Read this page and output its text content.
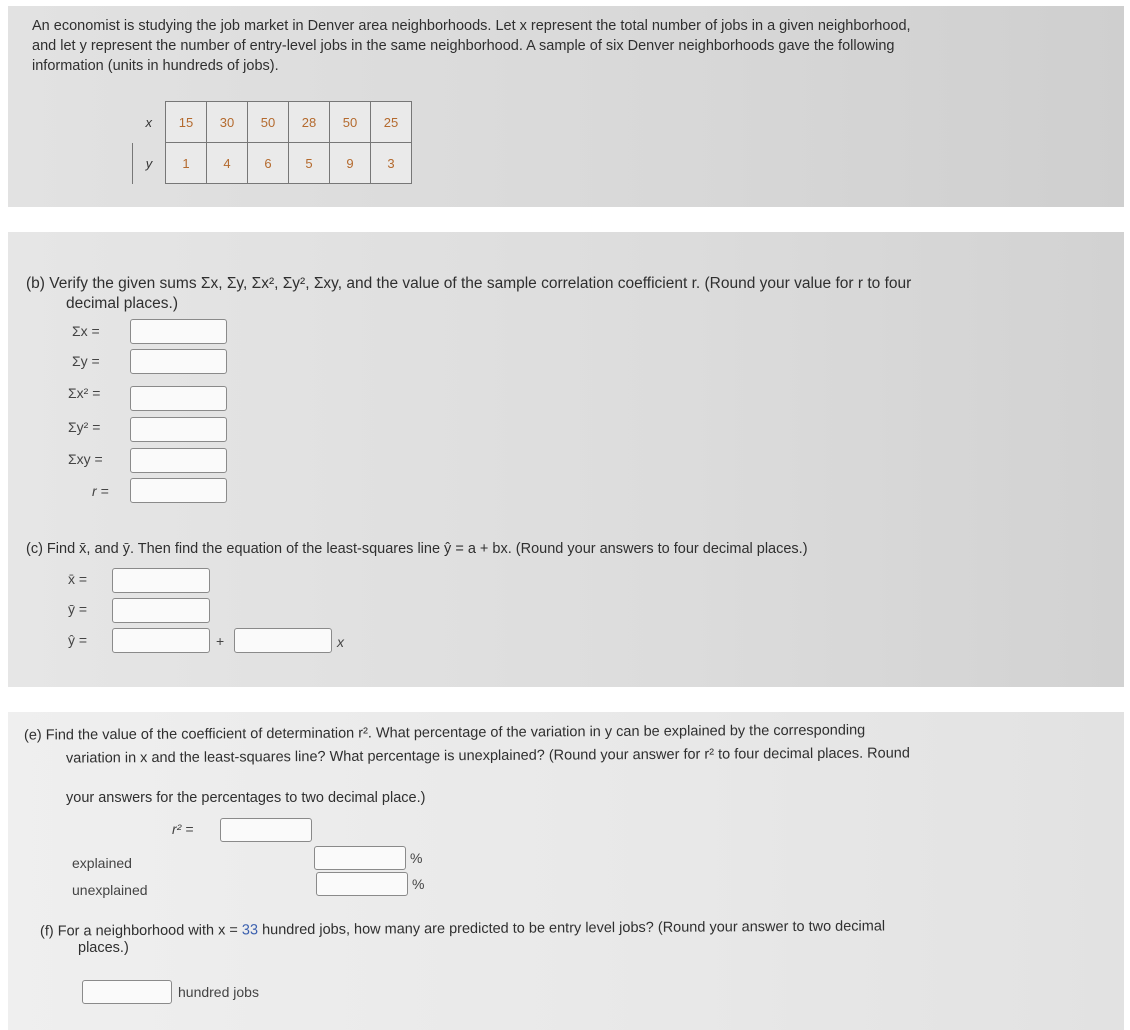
An economist is studying the job market in Denver area neighborhoods. Let x represent the total number of jobs in a given neighborhood,
and let y represent the number of entry-level jobs in the same neighborhood. A sample of six Denver neighborhoods gave the following
information (units in hundreds of jobs).
x	15	30	50	28	50	25
y	1	4	6	5	9	3
(b) Verify the given sums Σx, Σy, Σx², Σy², Σxy, and the value of the sample correlation coefficient r. (Round your value for r to four
decimal places.)
Σx =
Σy =
Σx² =
Σy² =
Σxy =
r =
(c) Find x̄, and ȳ. Then find the equation of the least-squares line ŷ = a + bx. (Round your answers to four decimal places.)
x̄ =
ȳ =
ŷ =	+	x
(e) Find the value of the coefficient of determination r². What percentage of the variation in y can be explained by the corresponding
variation in x and the least-squares line? What percentage is unexplained? (Round your answer for r² to four decimal places. Round
your answers for the percentages to two decimal place.)
r² =
%
explained
%
unexplained
(f) For a neighborhood with x = 33 hundred jobs, how many are predicted to be entry level jobs? (Round your answer to two decimal
places.)
hundred jobs
